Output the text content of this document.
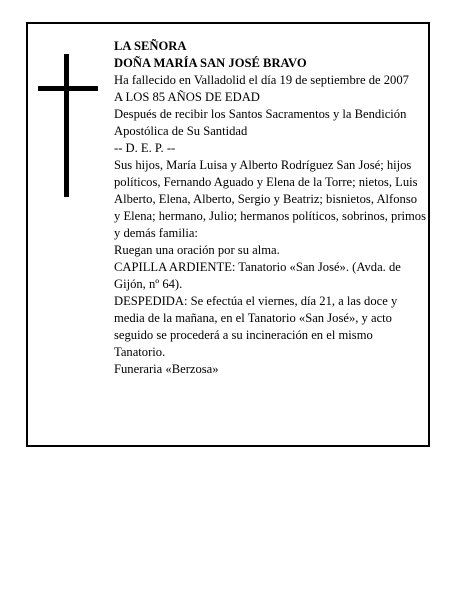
LA SEÑORA

DOÑA MARÍA SAN JOSÉ BRAVO

Ha fallecido en Valladolid el día 19 de septiembre de 2007

A LOS 85 AÑOS DE EDAD

Después de recibir los Santos Sacramentos y la Bendición Apostólica de Su Santidad

-- D. E. P. --

Sus hijos, María Luisa y Alberto Rodríguez San José; hijos políticos, Fernando Aguado y Elena de la Torre; nietos, Luis Alberto, Elena, Alberto, Sergio y Beatriz; bisnietos, Alfonso y Elena; hermano, Julio; hermanos políticos, sobrinos, primos y demás familia:

Ruegan una oración por su alma.

CAPILLA ARDIENTE: Tanatorio «San José». (Avda. de Gijón, nº 64).

DESPEDIDA: Se efectúa el viernes, día 21, a las doce y media de la mañana, en el Tanatorio «San José», y acto seguido se procederá a su incineración en el mismo Tanatorio.

Funeraria «Berzosa»
